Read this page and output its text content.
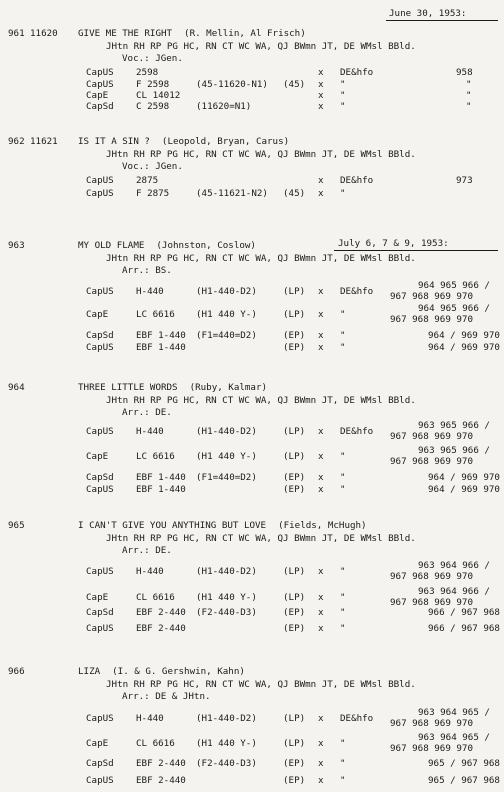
June 30, 1953:
July 6, 7 & 9, 1953:
961 11620 GIVE ME THE RIGHT (R. Mellin, Al Frisch)
JHtn RH RP PG HC, RN CT WC WA, QJ BWmn JT, DE WMsl BBld.
Voc.: JGen.
CapUS 2598	x DE&hfo	958
CapUS F 2598	(45-11620-N1) (45) x "	"
CapE	CL 14012	x "	"
CapSd C 2598	(11620=N1)	x "	"
962 11621 IS IT A SIN ? (Leopold, Bryan, Carus)
JHtn RH RP PG HC, RN CT WC WA, QJ BWmn JT, DE WMsl BBld.
Voc.: JGen.
CapUS 2875	x DE&hfo	973
CapUS F 2875	(45-11621-N2) (45) x "
963	MY OLD FLAME (Johnston, Coslow)
JHtn RH RP PG HC, RN CT WC WA, QJ BWmn JT, DE WMsl BBld.
Arr.: BS.
CapUS H-440	(H1-440-D2)	(LP) x DE&hfo
964 965 966 /
967 968 969 970
CapE	LC 6616 (H1 440 Y-)	(LP) x "
964 965 966 /
967 968 969 970
CapSd EBF 1-440 (F1=440=D2)	(EP) x "	964 / 969 970
CapUS EBF 1-440	(EP) x "	964 / 969 970
964	THREE LITTLE WORDS (Ruby, Kalmar)
JHtn RH RP PG HC, RN CT WC WA, QJ BWmn JT, DE WMsl BBld.
Arr.: DE.
CapUS H-440	(H1-440-D2)	(LP) x DE&hfo
963 965 966 /
967 968 969 970
CapE	LC 6616 (H1 440 Y-)	(LP) x "
963 965 966 /
967 968 969 970
CapSd EBF 1-440 (F1=440=D2)	(EP) x "	964 / 969 970
CapUS EBF 1-440	(EP) x "	964 / 969 970
965	I CAN'T GIVE YOU ANYTHING BUT LOVE (Fields, McHugh)
JHtn RH RP PG HC, RN CT WC WA, QJ BWmn JT, DE WMsl BBld.
Arr.: DE.
CapUS H-440	(H1-440-D2)	(LP) x "
963 964 966 /
967 968 969 970
CapE	CL 6616 (H1 440 Y-)	(LP) x "
963 964 966 /
967 968 969 970
CapSd EBF 2-440 (F2-440-D3)	(EP) x "	966 / 967 968
CapUS EBF 2-440	(EP) x "	966 / 967 968
966	LIZA (I. & G. Gershwin, Kahn)
JHtn RH RP PG HC, RN CT WC WA, QJ BWmn JT, DE WMsl BBld.
Arr.: DE & JHtn.
CapUS H-440	(H1-440-D2)	(LP) x DE&hfo
963 964 965 /
967 968 969 970
CapE	CL 6616 (H1 440 Y-)	(LP) x "
963 964 965 /
967 968 969 970
CapSd EBF 2-440 (F2-440-D3)	(EP) x "	965 / 967 968
CapUS EBF 2-440	(EP) x "	965 / 967 968
